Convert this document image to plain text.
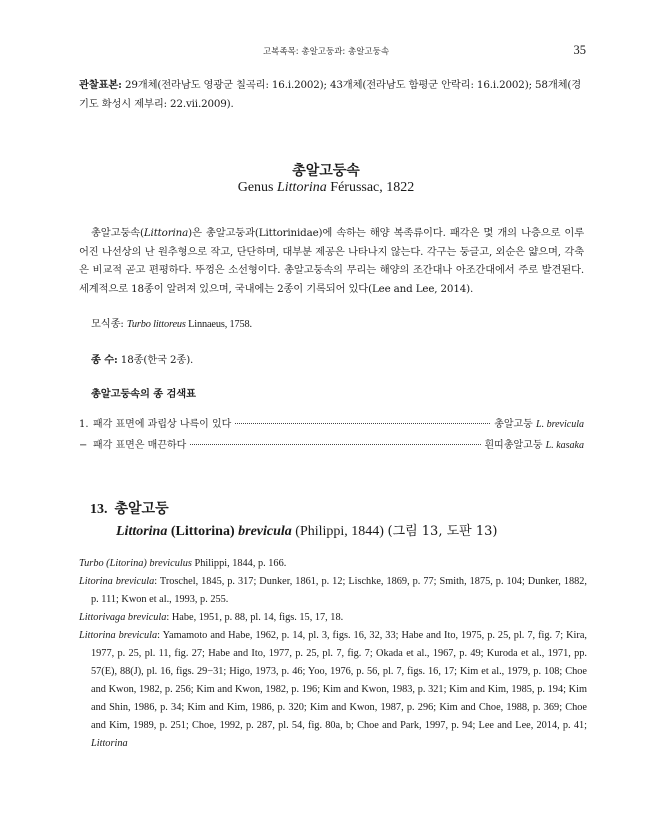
고복족목: 총알고둥과: 총알고둥속	35

관찰표본: 29개체(전라남도 영광군 칠곡리: 16.i.2002); 43개체(전라남도 함평군 안락리: 16.i.2002); 58개체(경기도 화성시 제부리: 22.vii.2009).

총알고둥속
Genus Littorina Férussac, 1822

총알고둥속(Littorina)은 총알고둥과(Littorinidae)에 속하는 해양 복족류이다. 패각은 몇 개의 나층으로 이루어진 나선상의 난 원추형으로 작고, 단단하며, 대부분 제공은 나타나지 않는다. 각구는 둥글고, 외순은 얇으며, 각축은 비교적 곧고 편평하다. 뚜껑은 소선형이다. 총알고둥속의 무리는 해양의 조간대나 아조간대에서 주로 발견된다. 세계적으로 18종이 알려져 있으며, 국내에는 2종이 기록되어 있다(Lee and Lee, 2014).

모식종: Turbo littoreus Linnaeus, 1758.

종 수: 18종(한국 2종).

총알고둥속의 종 검색표

1. 패각 표면에 과립상 나륵이 있다	총알고둥 L. brevicula
− 패각 표면은 매끈하다	흰띠총알고둥 L. kasaka
13. 총알고둥
Littorina (Littorina) brevicula (Philippi, 1844) (그림 13, 도판 13)

Turbo (Litorina) breviculus Philippi, 1844, p. 166.

Litorina brevicula: Troschel, 1845, p. 317; Dunker, 1861, p. 12; Lischke, 1869, p. 77; Smith, 1875, p. 104; Dunker, 1882, p. 111; Kwon et al., 1993, p. 255.

Littorivaga brevicula: Habe, 1951, p. 88, pl. 14, figs. 15, 17, 18.

Littorina brevicula: Yamamoto and Habe, 1962, p. 14, pl. 3, figs. 16, 32, 33; Habe and Ito, 1975, p. 25, pl. 7, fig. 7; Kira, 1977, p. 25, pl. 11, fig. 27; Habe and Ito, 1977, p. 25, pl. 7, fig. 7; Okada et al., 1967, p. 49; Kuroda et al., 1971, pp. 57(E), 88(J), pl. 16, figs. 29−31; Higo, 1973, p. 46; Yoo, 1976, p. 56, pl. 7, figs. 16, 17; Kim et al., 1979, p. 108; Choe and Kwon, 1982, p. 256; Kim and Kwon, 1982, p. 196; Kim and Kwon, 1983, p. 321; Kim and Kim, 1985, p. 194; Kim and Shin, 1986, p. 34; Kim and Kim, 1986, p. 320; Kim and Kwon, 1987, p. 296; Kim and Choe, 1988, p. 369; Choe and Kim, 1989, p. 251; Choe, 1992, p. 287, pl. 54, fig. 80a, b; Choe and Park, 1997, p. 94; Lee and Lee, 2014, p. 41; Littorina
